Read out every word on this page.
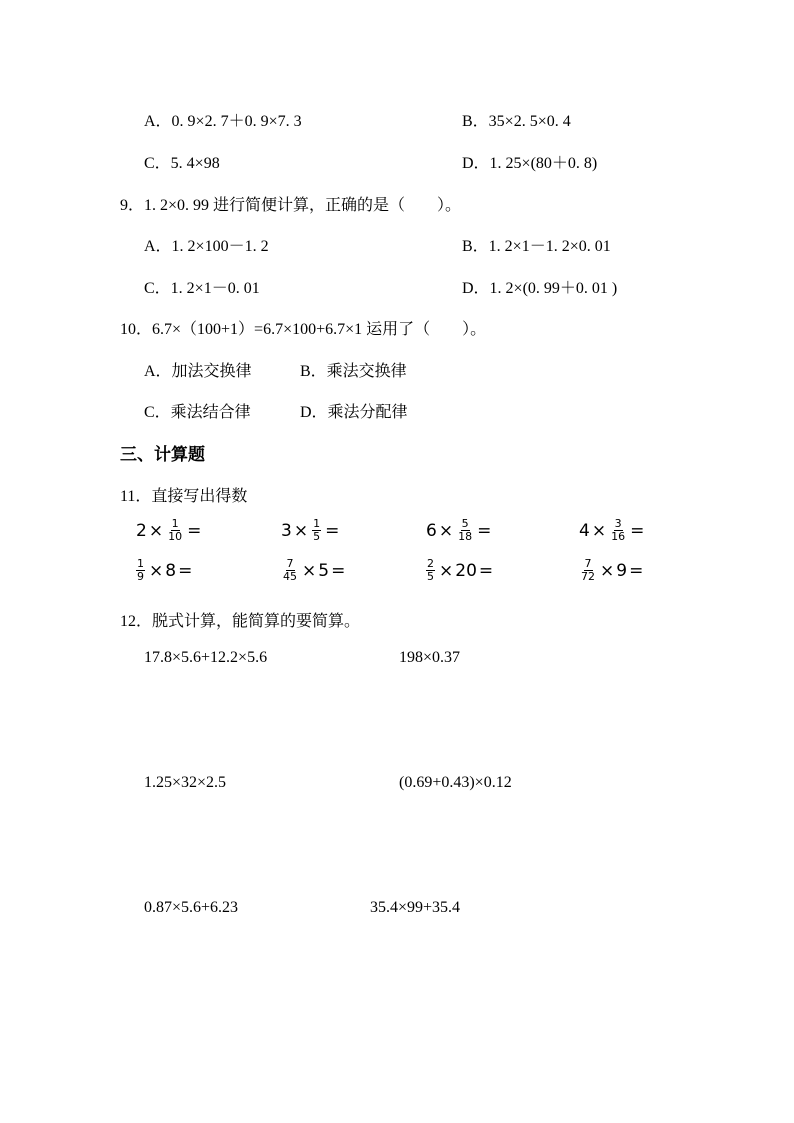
A．0. 9×2. 7＋0. 9×7. 3	B．35×2. 5×0. 4
C．5. 4×98	D．1. 25×(80＋0. 8)
9．1. 2×0. 99 进行简便计算，正确的是（　　）。
A．1. 2×100－1. 2	B．1. 2×1－1. 2×0. 01
C．1. 2×1－0. 01	D．1. 2×(0. 99＋0. 01 )
10．6.7×（100+1）=6.7×100+6.7×1 运用了（　　）。
A．加法交换律	B．乘法交换律
C．乘法结合律	D．乘法分配律
三、计算题
11．直接写出得数
$2 \times \frac{1}{10}$ =	$3 \times \frac{1}{5}$ =	$6 \times \frac{5}{18}$ =	$4 \times \frac{3}{16}$ =
$\frac{1}{9} \times 8$ =	$\frac{7}{45} \times 5$ =	$\frac{2}{5} \times 20$ =	$\frac{7}{72} \times 9$ =
12．脱式计算，能简算的要简算。
17.8×5.6+12.2×5.6	198×0.37
1.25×32×2.5	(0.69+0.43)×0.12
0.87×5.6+6.23	35.4×99+35.4
